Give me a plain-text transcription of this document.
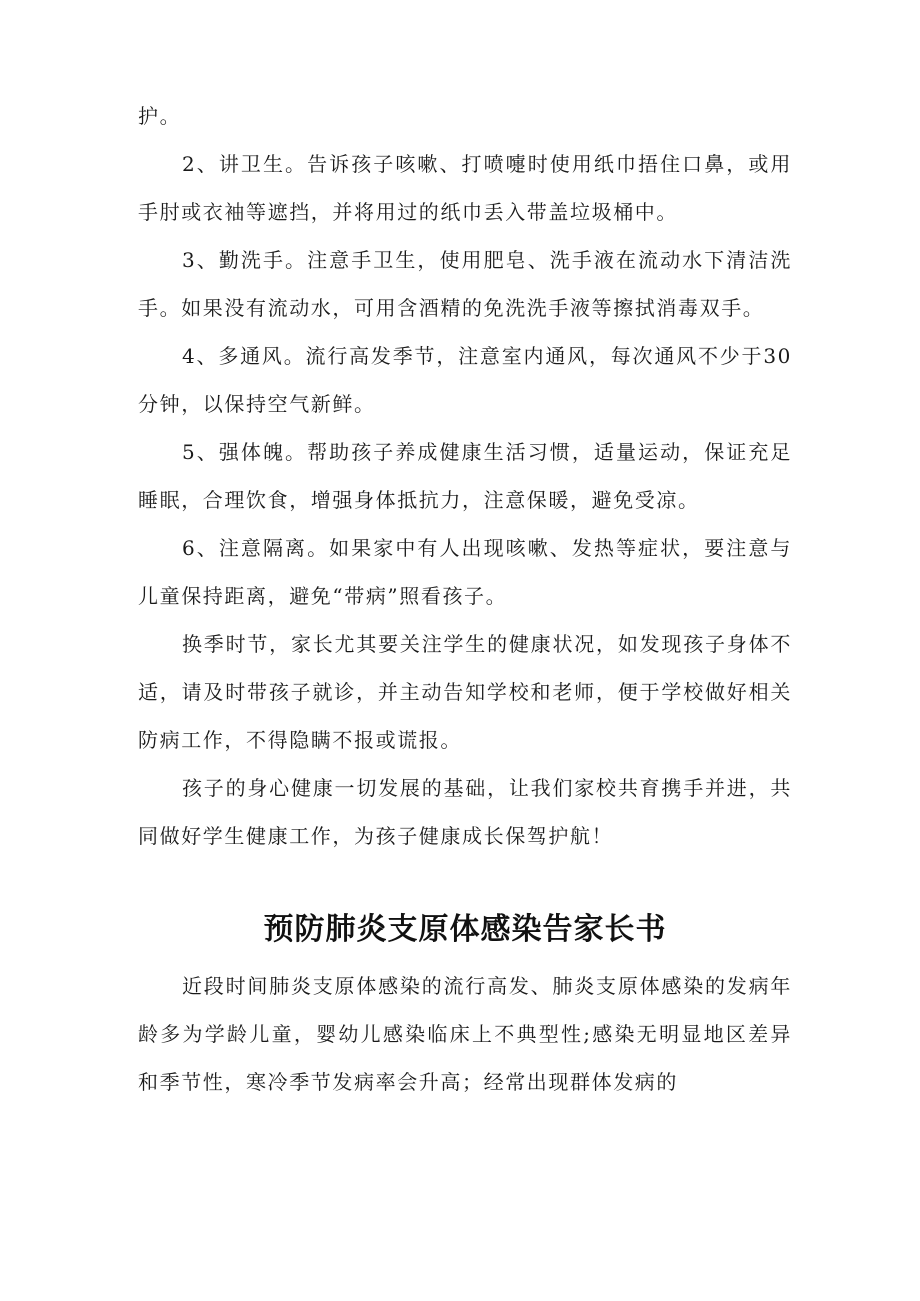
护。

2、讲卫生。告诉孩子咳嗽、打喷嚏时使用纸巾捂住口鼻，或用手肘或衣袖等遮挡，并将用过的纸巾丢入带盖垃圾桶中。

3、勤洗手。注意手卫生，使用肥皂、洗手液在流动水下清洁洗手。如果没有流动水，可用含酒精的免洗洗手液等擦拭消毒双手。

4、多通风。流行高发季节，注意室内通风，每次通风不少于30分钟，以保持空气新鲜。

5、强体魄。帮助孩子养成健康生活习惯，适量运动，保证充足睡眠，合理饮食，增强身体抵抗力，注意保暖，避免受凉。

6、注意隔离。如果家中有人出现咳嗽、发热等症状，要注意与儿童保持距离，避免“带病”照看孩子。

换季时节，家长尤其要关注学生的健康状况，如发现孩子身体不适，请及时带孩子就诊，并主动告知学校和老师，便于学校做好相关防病工作，不得隐瞒不报或谎报。

孩子的身心健康一切发展的基础，让我们家校共育携手并进，共同做好学生健康工作，为孩子健康成长保驾护航！

预防肺炎支原体感染告家长书

近段时间肺炎支原体感染的流行高发、肺炎支原体感染的发病年龄多为学龄儿童，婴幼儿感染临床上不典型性;感染无明显地区差异和季节性，寒冷季节发病率会升高；经常出现群体发病的
